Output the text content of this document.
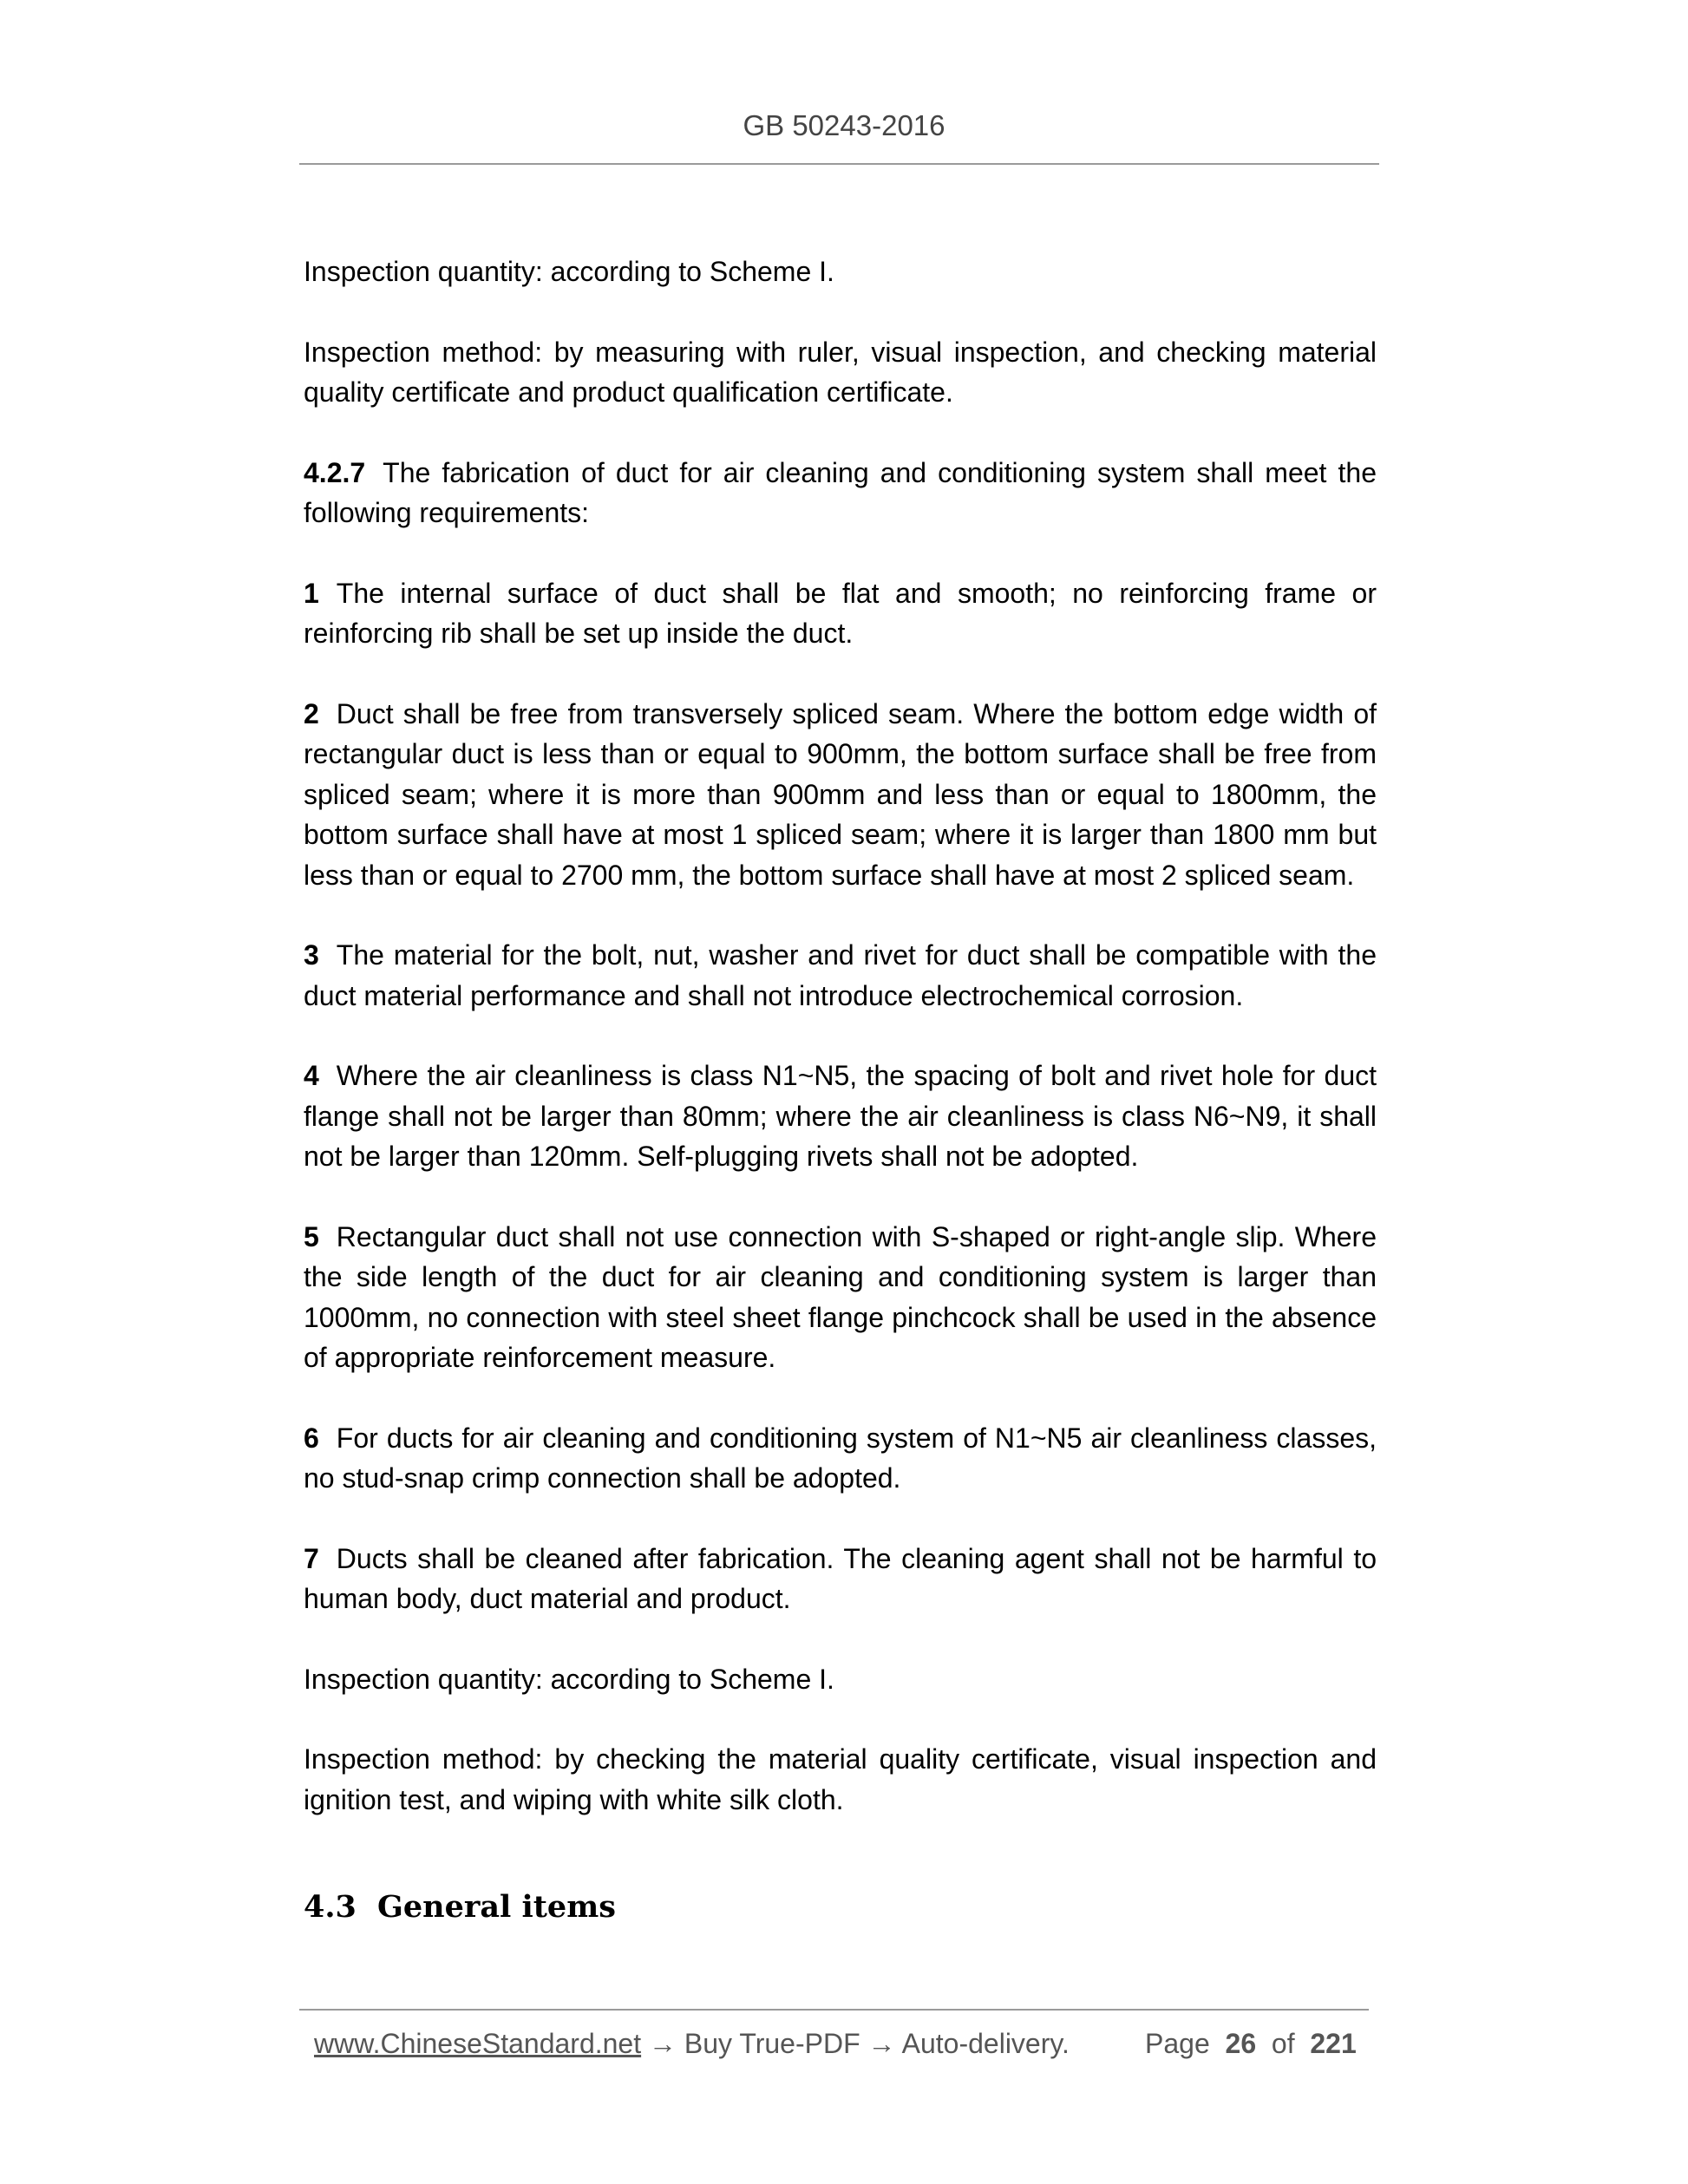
GB 50243-2016

Inspection quantity: according to Scheme I.

Inspection method: by measuring with ruler, visual inspection, and checking material quality certificate and product qualification certificate.

4.2.7 The fabrication of duct for air cleaning and conditioning system shall meet the following requirements:

1 The internal surface of duct shall be flat and smooth; no reinforcing frame or reinforcing rib shall be set up inside the duct.

2 Duct shall be free from transversely spliced seam. Where the bottom edge width of rectangular duct is less than or equal to 900mm, the bottom surface shall be free from spliced seam; where it is more than 900mm and less than or equal to 1800mm, the bottom surface shall have at most 1 spliced seam; where it is larger than 1800 mm but less than or equal to 2700 mm, the bottom surface shall have at most 2 spliced seam.

3 The material for the bolt, nut, washer and rivet for duct shall be compatible with the duct material performance and shall not introduce electrochemical corrosion.

4 Where the air cleanliness is class N1~N5, the spacing of bolt and rivet hole for duct flange shall not be larger than 80mm; where the air cleanliness is class N6~N9, it shall not be larger than 120mm. Self-plugging rivets shall not be adopted.

5 Rectangular duct shall not use connection with S-shaped or right-angle slip. Where the side length of the duct for air cleaning and conditioning system is larger than 1000mm, no connection with steel sheet flange pinchcock shall be used in the absence of appropriate reinforcement measure.

6 For ducts for air cleaning and conditioning system of N1~N5 air cleanliness classes, no stud-snap crimp connection shall be adopted.

7 Ducts shall be cleaned after fabrication. The cleaning agent shall not be harmful to human body, duct material and product.

Inspection quantity: according to Scheme I.

Inspection method: by checking the material quality certificate, visual inspection and ignition test, and wiping with white silk cloth.

4.3 General items
www.ChineseStandard.net → Buy True-PDF → Auto-delivery.	Page 26 of 221
